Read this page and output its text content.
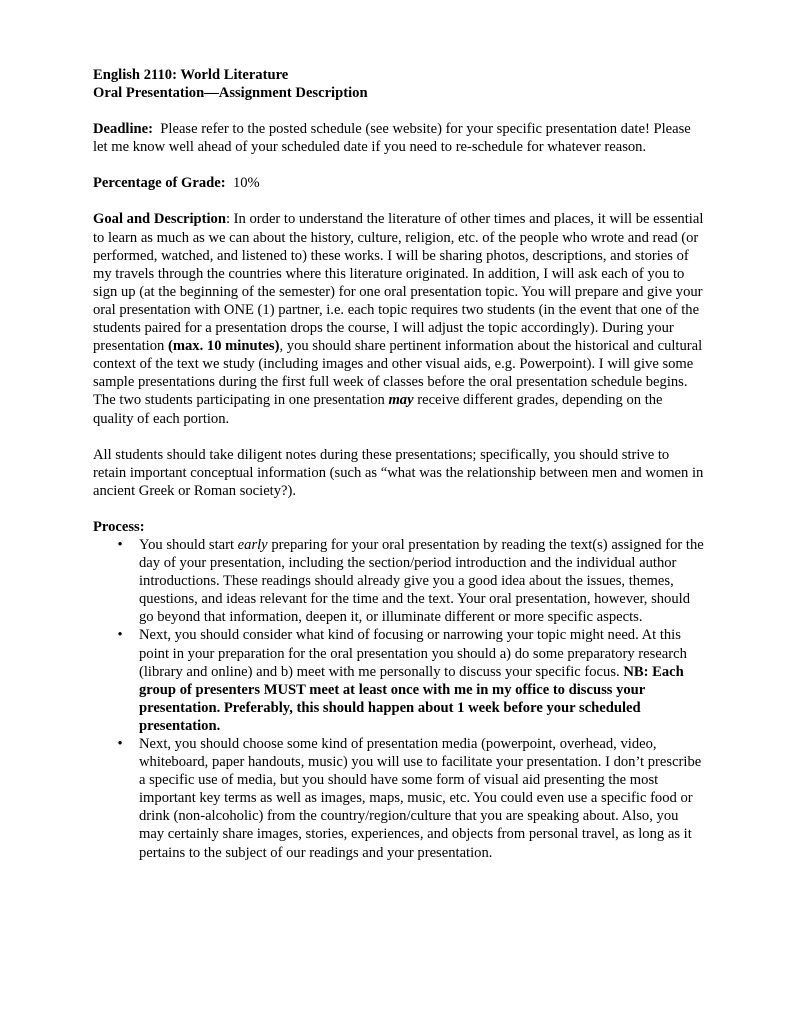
English 2110: World Literature

Oral Presentation—Assignment Description

Deadline: Please refer to the posted schedule (see website) for your specific presentation date! Please let me know well ahead of your scheduled date if you need to re-schedule for whatever reason.

Percentage of Grade: 10%

Goal and Description: In order to understand the literature of other times and places, it will be essential to learn as much as we can about the history, culture, religion, etc. of the people who wrote and read (or performed, watched, and listened to) these works. I will be sharing photos, descriptions, and stories of my travels through the countries where this literature originated. In addition, I will ask each of you to sign up (at the beginning of the semester) for one oral presentation topic. You will prepare and give your oral presentation with ONE (1) partner, i.e. each topic requires two students (in the event that one of the students paired for a presentation drops the course, I will adjust the topic accordingly). During your presentation (max. 10 minutes), you should share pertinent information about the historical and cultural context of the text we study (including images and other visual aids, e.g. Powerpoint). I will give some sample presentations during the first full week of classes before the oral presentation schedule begins. The two students participating in one presentation may receive different grades, depending on the quality of each portion.

All students should take diligent notes during these presentations; specifically, you should strive to retain important conceptual information (such as “what was the relationship between men and women in ancient Greek or Roman society?).

Process:

•	You should start early preparing for your oral presentation by reading the text(s) assigned for the day of your presentation, including the section/period introduction and the individual author introductions. These readings should already give you a good idea about the issues, themes, questions, and ideas relevant for the time and the text. Your oral presentation, however, should go beyond that information, deepen it, or illuminate different or more specific aspects.
•	Next, you should consider what kind of focusing or narrowing your topic might need. At this point in your preparation for the oral presentation you should a) do some preparatory research (library and online) and b) meet with me personally to discuss your specific focus. NB: Each group of presenters MUST meet at least once with me in my office to discuss your presentation. Preferably, this should happen about 1 week before your scheduled presentation.
•	Next, you should choose some kind of presentation media (powerpoint, overhead, video, whiteboard, paper handouts, music) you will use to facilitate your presentation. I don’t prescribe a specific use of media, but you should have some form of visual aid presenting the most important key terms as well as images, maps, music, etc. You could even use a specific food or drink (non-alcoholic) from the country/region/culture that you are speaking about. Also, you may certainly share images, stories, experiences, and objects from personal travel, as long as it pertains to the subject of our readings and your presentation.
